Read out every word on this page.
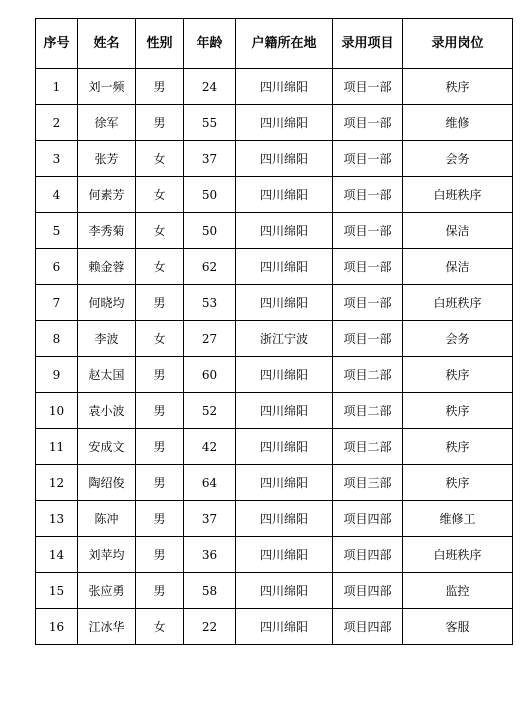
序号	姓名	性别	年龄	户籍所在地	录用项目	录用岗位
1	刘一频	男	24	四川绵阳	项目一部	秩序
2	徐军	男	55	四川绵阳	项目一部	维修
3	张芳	女	37	四川绵阳	项目一部	会务
4	何素芳	女	50	四川绵阳	项目一部	白班秩序
5	李秀菊	女	50	四川绵阳	项目一部	保洁
6	赖金蓉	女	62	四川绵阳	项目一部	保洁
7	何晓均	男	53	四川绵阳	项目一部	白班秩序
8	李波	女	27	浙江宁波	项目一部	会务
9	赵太国	男	60	四川绵阳	项目二部	秩序
10	袁小波	男	52	四川绵阳	项目二部	秩序
11	安成文	男	42	四川绵阳	项目二部	秩序
12	陶绍俊	男	64	四川绵阳	项目三部	秩序
13	陈冲	男	37	四川绵阳	项目四部	维修工
14	刘苹均	男	36	四川绵阳	项目四部	白班秩序
15	张应勇	男	58	四川绵阳	项目四部	监控
16	江冰华	女	22	四川绵阳	项目四部	客服
